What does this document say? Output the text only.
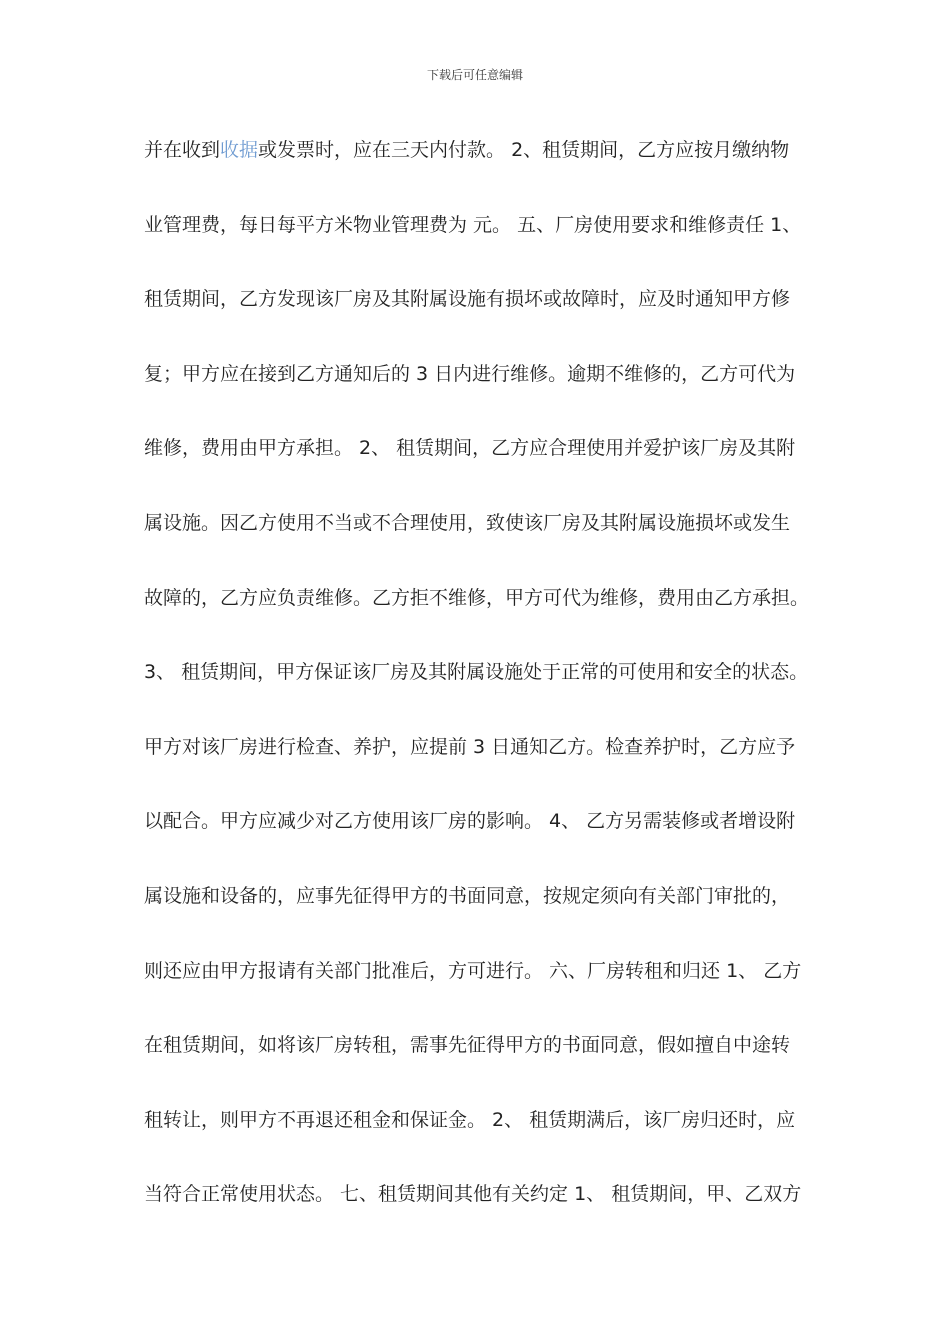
下载后可任意编辑
并在收到收据或发票时，应在三天内付款。 2、租赁期间，乙方应按月缴纳物
业管理费，每日每平方米物业管理费为 元。 五、厂房使用要求和维修责任 1、
租赁期间，乙方发现该厂房及其附属设施有损坏或故障时，应及时通知甲方修
复；甲方应在接到乙方通知后的 3 日内进行维修。逾期不维修的，乙方可代为
维修，费用由甲方承担。 2、 租赁期间，乙方应合理使用并爱护该厂房及其附
属设施。因乙方使用不当或不合理使用，致使该厂房及其附属设施损坏或发生
故障的，乙方应负责维修。乙方拒不维修，甲方可代为维修，费用由乙方承担。
3、 租赁期间，甲方保证该厂房及其附属设施处于正常的可使用和安全的状态。
甲方对该厂房进行检查、养护，应提前 3 日通知乙方。检查养护时，乙方应予
以配合。甲方应减少对乙方使用该厂房的影响。 4、 乙方另需装修或者增设附
属设施和设备的，应事先征得甲方的书面同意，按规定须向有关部门审批的，
则还应由甲方报请有关部门批准后，方可进行。 六、厂房转租和归还 1、 乙方
在租赁期间，如将该厂房转租，需事先征得甲方的书面同意，假如擅自中途转
租转让，则甲方不再退还租金和保证金。 2、 租赁期满后，该厂房归还时，应
当符合正常使用状态。 七、租赁期间其他有关约定 1、 租赁期间，甲、乙双方
